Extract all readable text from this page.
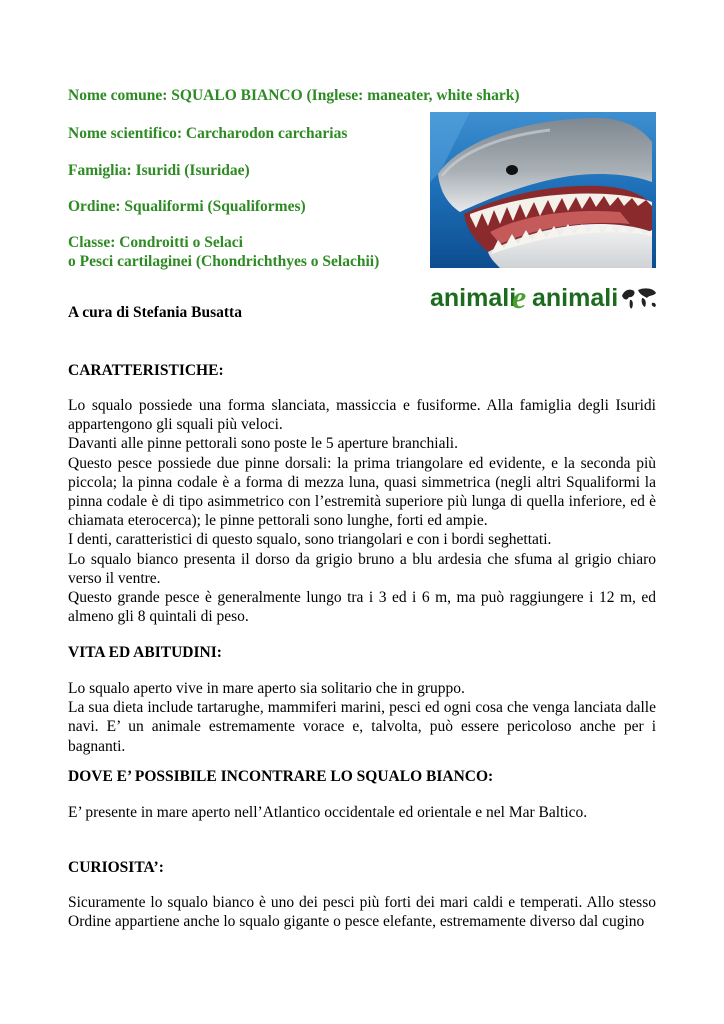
Nome comune: SQUALO BIANCO (Inglese: maneater, white shark)
Nome scientifico: Carcharodon carcharias
Famiglia: Isuridi (Isuridae)
Ordine: Squaliformi (Squaliformes)
Classe: Condroitti o Selaci
o Pesci cartilaginei (Chondrichthyes o Selachii)
animali
e animali
A cura di Stefania Busatta
CARATTERISTICHE:

Lo squalo possiede una forma slanciata, massiccia e fusiforme. Alla famiglia degli Isuridi appartengono gli squali più veloci.

Davanti alle pinne pettorali sono poste le 5 aperture branchiali.

Questo pesce possiede due pinne dorsali: la prima triangolare ed evidente, e la seconda più piccola; la pinna codale è a forma di mezza luna, quasi simmetrica (negli altri Squaliformi la pinna codale è di tipo asimmetrico con l’estremità superiore più lunga di quella inferiore, ed è chiamata eterocerca); le pinne pettorali sono lunghe, forti ed ampie.

I denti, caratteristici di questo squalo, sono triangolari e con i bordi seghettati.

Lo squalo bianco presenta il dorso da grigio bruno a blu ardesia che sfuma al grigio chiaro verso il ventre.

Questo grande pesce è generalmente lungo tra i 3 ed i 6 m, ma può raggiungere i 12 m, ed almeno gli 8 quintali di peso.

VITA ED ABITUDINI:

Lo squalo aperto vive in mare aperto sia solitario che in gruppo.

La sua dieta include tartarughe, mammiferi marini, pesci ed ogni cosa che venga lanciata dalle navi. E’ un animale estremamente vorace e, talvolta, può essere pericoloso anche per i bagnanti.

DOVE E’ POSSIBILE INCONTRARE LO SQUALO BIANCO:

E’ presente in mare aperto nell’Atlantico occidentale ed orientale e nel Mar Baltico.

CURIOSITA’:

Sicuramente lo squalo bianco è uno dei pesci più forti dei mari caldi e temperati. Allo stesso Ordine appartiene anche lo squalo gigante o pesce elefante, estremamente diverso dal cugino
